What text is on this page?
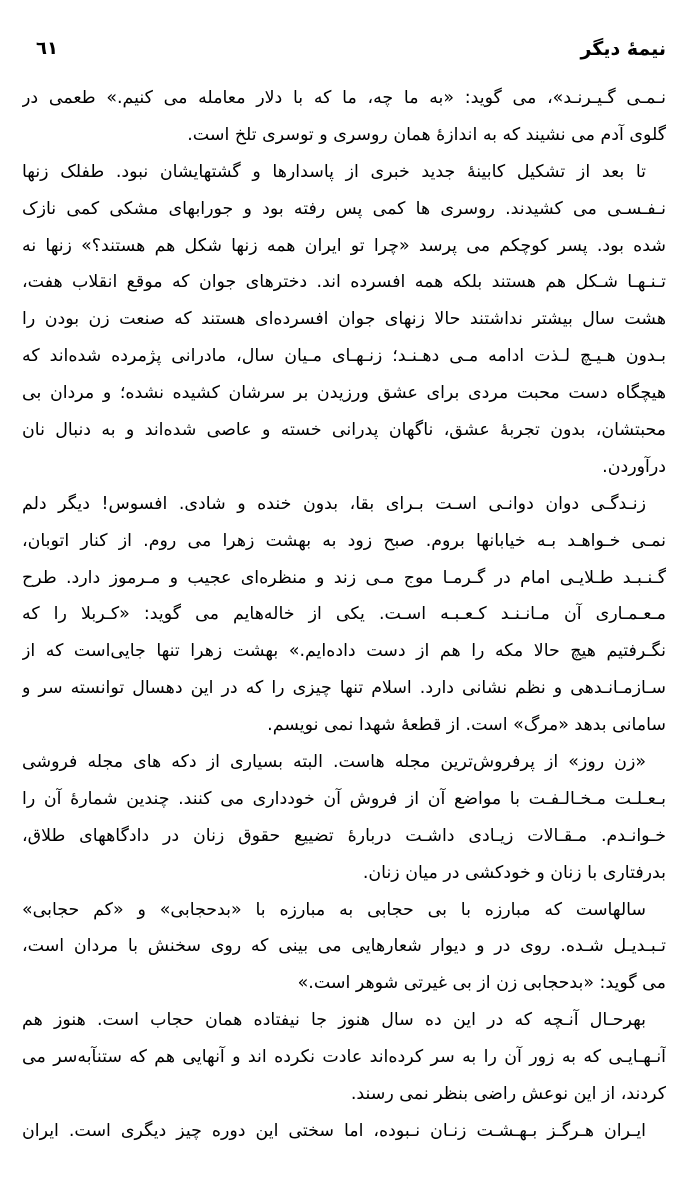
نیمهٔ دیگر
٦١
نـمـی گـیـرنـد»، می گوید: «به ما چه، ما که با دلار معامله می کنیم.» طعمی در
گلوی آدم می نشیند که به اندازهٔ همان روسری و توسری تلخ است.
تا بعد از تشکیل کابینهٔ جدید خبری از پاسدارها و گشتهایشان نبود. طفلک زنها
نـفـسـی می کشیدند. روسری ها کمی پس رفته بود و جورابهای مشکی کمی نازک
شده بود. پسر کوچکم می پرسد «چرا تو ایران همه زنها شکل هم هستند؟» زنها نه
تـنـهـا شـکل هم هستند بلکه همه افسرده اند. دخترهای جوان که موقع انقلاب هفت،
هشت سال بیشتر نداشتند حالا زنهای جوان افسرده‌ای هستند که صنعت زن بودن را
بـدون هـیـچ لـذت ادامه مـی دهـنـد؛ زنـهـای مـیان سال، مادرانی پژمرده شده‌اند که
هیچگاه دست محبت مردی برای عشق ورزیدن بر سرشان کشیده نشده؛ و مردان بی
محبتشان، بدون تجربهٔ عشق، ناگهان پدرانی خسته و عاصی شده‌اند و به دنبال نان
درآوردن.
زنـدگـی دوان دوانـی اسـت بـرای بقا، بدون خنده و شادی. افسوس! دیگر دلم
نمـی خـواهـد بـه خیابانها بروم. صبح زود به بهشت زهرا می روم. از کنار اتوبان،
گـنـبـد طـلایـی امام در گـرمـا موج مـی زند و منظره‌ای عجیب و مـرموز دارد. طرح
مـعـمـاری آن مـانـنـد کـعـبـه اسـت. یکی از خاله‌هایم می گوید: «کـربلا را که
نگـرفتیم هیچ حالا مکه را هم از دست داده‌ایم.» بهشت زهرا تنها جایی‌است که از
سـازمـانـدهی و نظم نشانی دارد. اسلام تنها چیزی را که در این دهسال توانسته سر و
سامانی بدهد «مرگ» است. از قطعهٔ شهدا نمی نویسم.
«زن روز» از پرفروش‌ترین مجله هاست. البته بسیاری از دکه های مجله فروشی
بـعـلـت مـخـالـفـت با مواضع آن از فروش آن خودداری می کنند. چندین شمارهٔ آن را
خـوانـدم. مـقـالات زیـادی داشـت دربارهٔ تضییع حقوق زنان در دادگاههای طلاق،
بدرفتاری با زنان و خودکشی در میان زنان.
سالهاست که مبارزه با بی حجابی به مبارزه با «بدحجابی» و «کم حجابی»
تـبـدیـل شـده. روی در و دیوار شعارهایی می بینی که روی سخنش با مردان است،
می گوید: «بدحجابی زن از بی غیرتی شوهر است.»
بهرحـال آنـچه که در این ده سال هنوز جا نیفتاده همان حجاب است. هنوز هم
آنـهـایـی که به زور آن را به سر کرده‌اند عادت نکرده اند و آنهایی هم که ستنآبه‌سر می
کردند، از این نوعش راضی بنظر نمی رسند.
ایـران هـرگـز بـهـشـت زنـان نـبوده، اما سختی این دوره چیز دیگری است. ایران
